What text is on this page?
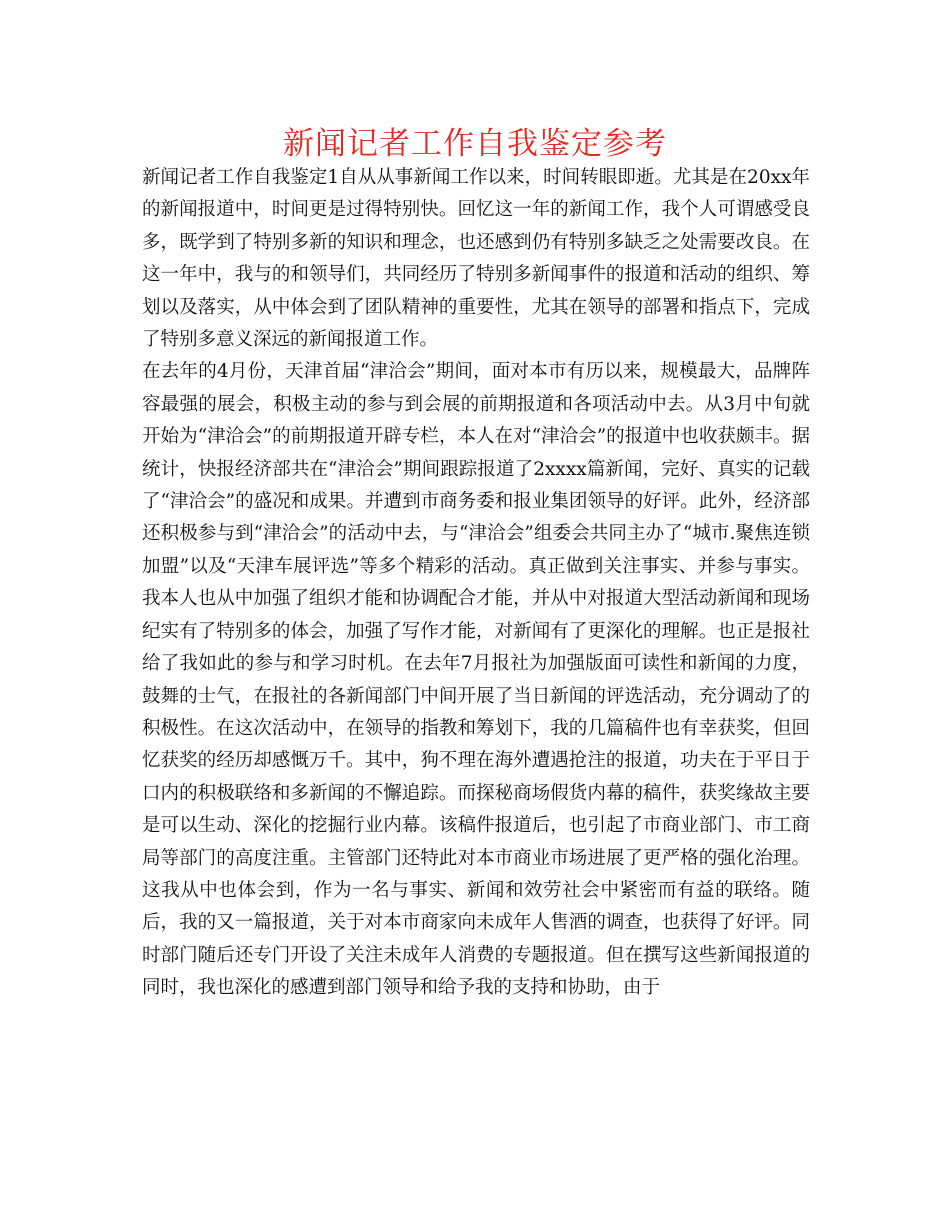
新闻记者工作自我鉴定参考

新闻记者工作自我鉴定1自从从事新闻工作以来，时间转眼即逝。尤其是在20xx年的新闻报道中，时间更是过得特别快。回忆这一年的新闻工作，我个人可谓感受良多，既学到了特别多新的知识和理念，也还感到仍有特别多缺乏之处需要改良。在这一年中，我与的和领导们，共同经历了特别多新闻事件的报道和活动的组织、筹划以及落实，从中体会到了团队精神的重要性，尤其在领导的部署和指点下，完成了特别多意义深远的新闻报道工作。

在去年的4月份，天津首届“津洽会”期间，面对本市有历以来，规模最大，品牌阵容最强的展会，积极主动的参与到会展的前期报道和各项活动中去。从3月中旬就开始为“津洽会”的前期报道开辟专栏，本人在对“津洽会”的报道中也收获颇丰。据统计，快报经济部共在“津洽会”期间跟踪报道了2xxxx篇新闻，完好、真实的记载了“津洽会”的盛况和成果。并遭到市商务委和报业集团领导的好评。此外，经济部还积极参与到“津洽会”的活动中去，与“津洽会”组委会共同主办了“城市.聚焦连锁加盟”以及“天津车展评选”等多个精彩的活动。真正做到关注事实、并参与事实。我本人也从中加强了组织才能和协调配合才能，并从中对报道大型活动新闻和现场纪实有了特别多的体会，加强了写作才能，对新闻有了更深化的理解。也正是报社给了我如此的参与和学习时机。在去年7月报社为加强版面可读性和新闻的力度，鼓舞的士气，在报社的各新闻部门中间开展了当日新闻的评选活动，充分调动了的积极性。在这次活动中，在领导的指教和筹划下，我的几篇稿件也有幸获奖，但回忆获奖的经历却感慨万千。其中，狗不理在海外遭遇抢注的报道，功夫在于平日于口内的积极联络和多新闻的不懈追踪。而探秘商场假货内幕的稿件，获奖缘故主要是可以生动、深化的挖掘行业内幕。该稿件报道后，也引起了市商业部门、市工商局等部门的高度注重。主管部门还特此对本市商业市场进展了更严格的强化治理。这我从中也体会到，作为一名与事实、新闻和效劳社会中紧密而有益的联络。随后，我的又一篇报道，关于对本市商家向未成年人售酒的调查，也获得了好评。同时部门随后还专门开设了关注未成年人消费的专题报道。但在撰写这些新闻报道的同时，我也深化的感遭到部门领导和给予我的支持和协助，由于
